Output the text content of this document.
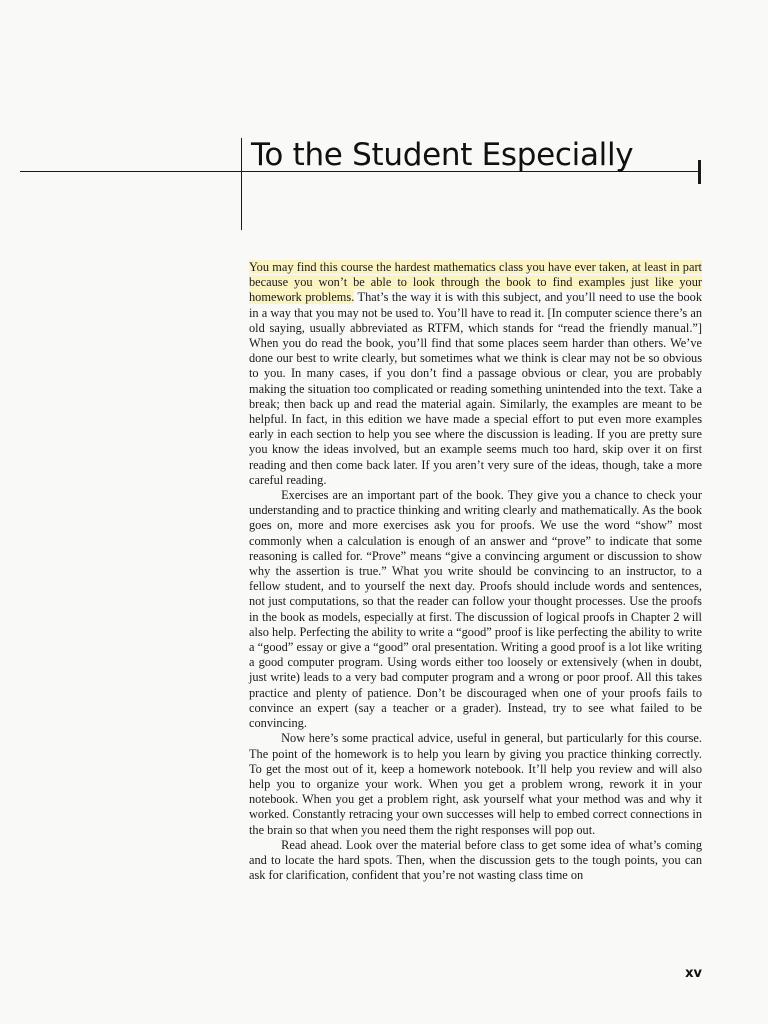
To the Student Especially

You may find this course the hardest mathematics class you have ever taken, at least in part because you won’t be able to look through the book to find examples just like your homework problems. That’s the way it is with this subject, and you’ll need to use the book in a way that you may not be used to. You’ll have to read it. [In computer science there’s an old saying, usually abbreviated as RTFM, which stands for “read the friendly manual.”] When you do read the book, you’ll find that some places seem harder than others. We’ve done our best to write clearly, but sometimes what we think is clear may not be so obvious to you. In many cases, if you don’t find a passage obvious or clear, you are probably making the situation too complicated or reading something unintended into the text. Take a break; then back up and read the material again. Similarly, the examples are meant to be helpful. In fact, in this edition we have made a special effort to put even more examples early in each section to help you see where the discussion is leading. If you are pretty sure you know the ideas involved, but an example seems much too hard, skip over it on first reading and then come back later. If you aren’t very sure of the ideas, though, take a more careful reading.

Exercises are an important part of the book. They give you a chance to check your understanding and to practice thinking and writing clearly and mathematically. As the book goes on, more and more exercises ask you for proofs. We use the word “show” most commonly when a calculation is enough of an answer and “prove” to indicate that some reasoning is called for. “Prove” means “give a convincing argument or discussion to show why the assertion is true.” What you write should be convincing to an instructor, to a fellow student, and to yourself the next day. Proofs should include words and sentences, not just computations, so that the reader can follow your thought processes. Use the proofs in the book as models, especially at first. The discussion of logical proofs in Chapter 2 will also help. Perfecting the ability to write a “good” proof is like perfecting the ability to write a “good” essay or give a “good” oral presentation. Writing a good proof is a lot like writing a good computer program. Using words either too loosely or extensively (when in doubt, just write) leads to a very bad computer program and a wrong or poor proof. All this takes practice and plenty of patience. Don’t be discouraged when one of your proofs fails to convince an expert (say a teacher or a grader). Instead, try to see what failed to be convincing.

Now here’s some practical advice, useful in general, but particularly for this course. The point of the homework is to help you learn by giving you practice thinking correctly. To get the most out of it, keep a homework notebook. It’ll help you review and will also help you to organize your work. When you get a problem wrong, rework it in your notebook. When you get a problem right, ask yourself what your method was and why it worked. Constantly retracing your own successes will help to embed correct connections in the brain so that when you need them the right responses will pop out.

Read ahead. Look over the material before class to get some idea of what’s coming and to locate the hard spots. Then, when the discussion gets to the tough points, you can ask for clarification, confident that you’re not wasting class time on

xv
